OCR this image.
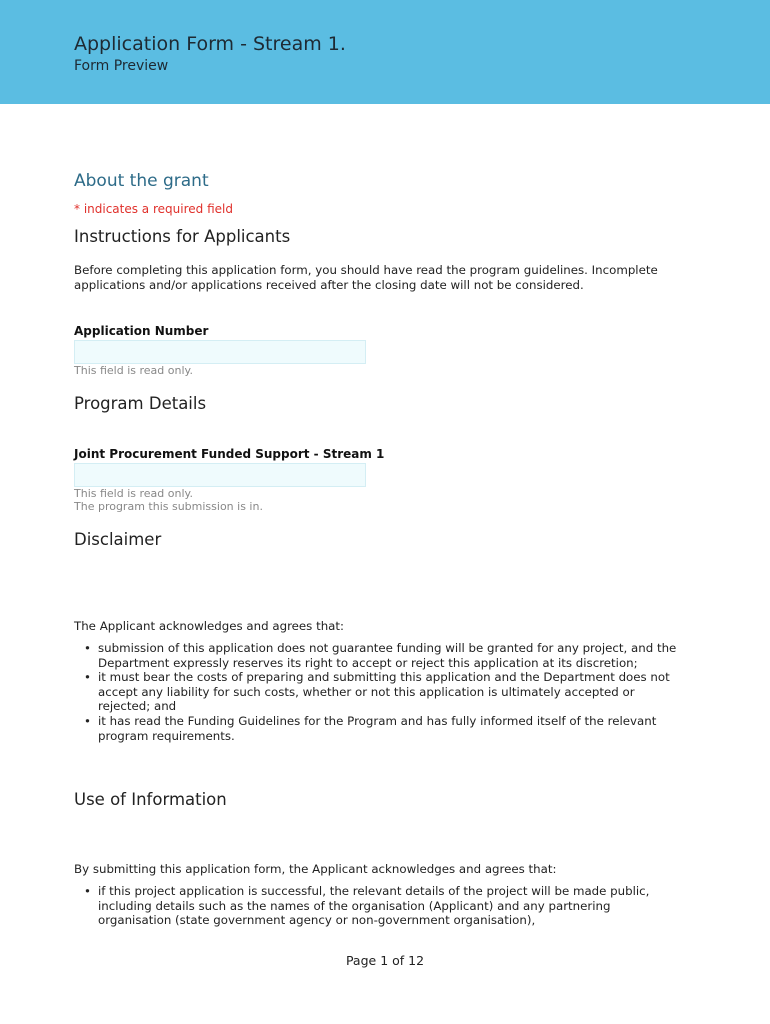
Application Form - Stream 1.
Form Preview
About the grant
* indicates a required field
Instructions for Applicants
Before completing this application form, you should have read the program guidelines. Incomplete applications and/or applications received after the closing date will not be considered.
Application Number
This field is read only.
Program Details
Joint Procurement Funded Support - Stream 1
This field is read only.
The program this submission is in.
Disclaimer
The Applicant acknowledges and agrees that:
• submission of this application does not guarantee funding will be granted for any project, and the Department expressly reserves its right to accept or reject this application at its discretion;
• it must bear the costs of preparing and submitting this application and the Department does not accept any liability for such costs, whether or not this application is ultimately accepted or rejected; and
• it has read the Funding Guidelines for the Program and has fully informed itself of the relevant program requirements.
Use of Information
By submitting this application form, the Applicant acknowledges and agrees that:
• if this project application is successful, the relevant details of the project will be made public, including details such as the names of the organisation (Applicant) and any partnering organisation (state government agency or non-government organisation),
Page 1 of 12
